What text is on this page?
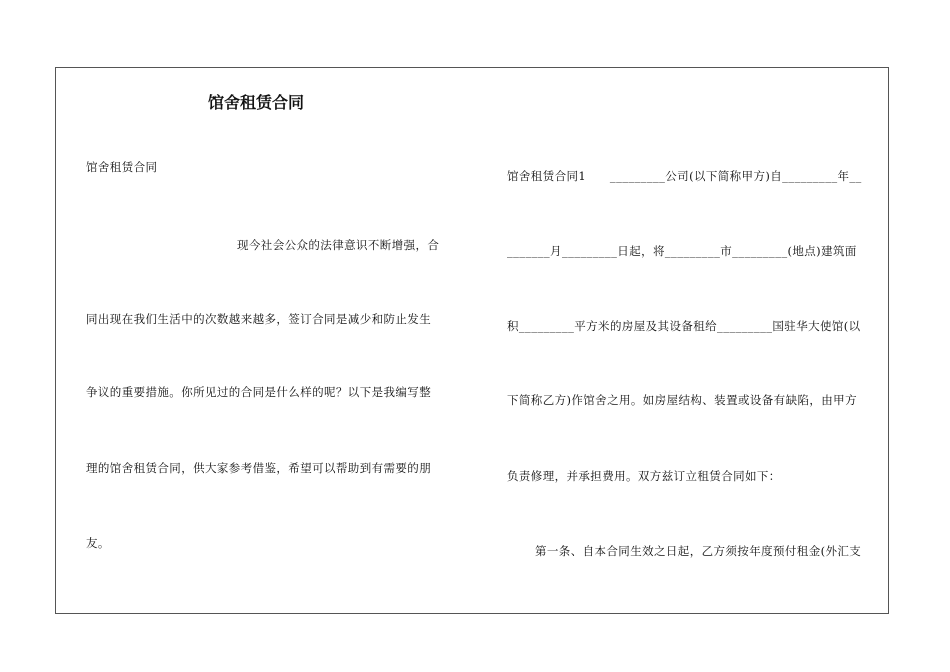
馆舍租赁合同
馆舍租赁合同
现今社会公众的法律意识不断增强，合
同出现在我们生活中的次数越来越多，签订合同是减少和防止发生
争议的重要措施。你所见过的合同是什么样的呢？以下是我编写整
理的馆舍租赁合同，供大家参考借鉴，希望可以帮助到有需要的朋
友。
馆舍租赁合同1　　_________公司(以下简称甲方)自_________年__
_______月_________日起，将_________市_________(地点)建筑面
积_________平方米的房屋及其设备租给_________国驻华大使馆(以
下简称乙方)作馆舍之用。如房屋结构、装置或设备有缺陷，由甲方
负责修理，并承担费用。双方兹订立租赁合同如下：
第一条、自本合同生效之日起，乙方须按年度预付租金(外汇支
